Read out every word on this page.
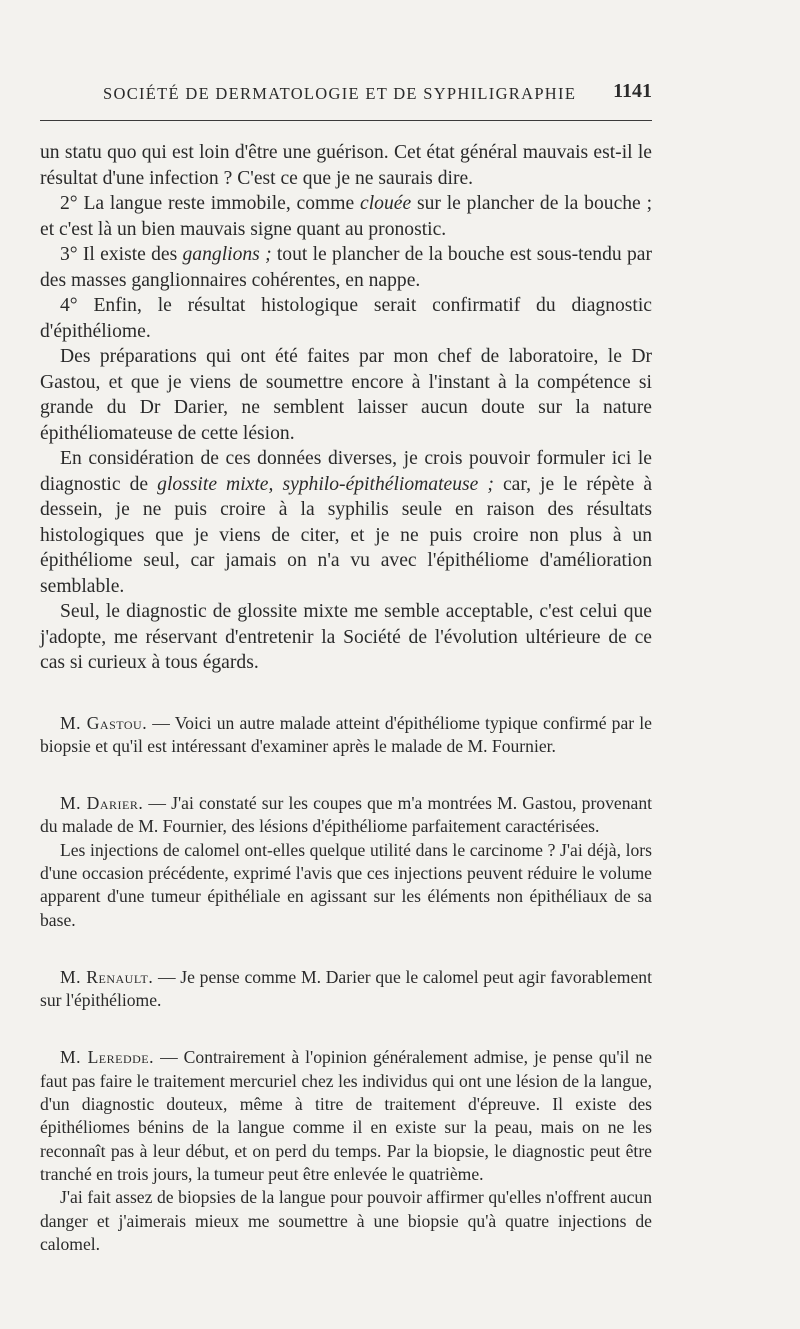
SOCIÉTÉ DE DERMATOLOGIE ET DE SYPHILIGRAPHIE 1141

un statu quo qui est loin d'être une guérison. Cet état général mauvais est-il le résultat d'une infection ? C'est ce que je ne saurais dire.

2° La langue reste immobile, comme clouée sur le plancher de la bouche ; et c'est là un bien mauvais signe quant au pronostic.

3° Il existe des ganglions ; tout le plancher de la bouche est sous-tendu par des masses ganglionnaires cohérentes, en nappe.

4° Enfin, le résultat histologique serait confirmatif du diagnostic d'épithéliome.

Des préparations qui ont été faites par mon chef de laboratoire, le Dr Gastou, et que je viens de soumettre encore à l'instant à la compétence si grande du Dr Darier, ne semblent laisser aucun doute sur la nature épithéliomateuse de cette lésion.

En considération de ces données diverses, je crois pouvoir formuler ici le diagnostic de glossite mixte, syphilo-épithéliomateuse ; car, je le répète à dessein, je ne puis croire à la syphilis seule en raison des résultats histologiques que je viens de citer, et je ne puis croire non plus à un épithéliome seul, car jamais on n'a vu avec l'épithéliome d'amélioration semblable.

Seul, le diagnostic de glossite mixte me semble acceptable, c'est celui que j'adopte, me réservant d'entretenir la Société de l'évolution ultérieure de ce cas si curieux à tous égards.

M. Gastou. — Voici un autre malade atteint d'épithéliome typique confirmé par le biopsie et qu'il est intéressant d'examiner après le malade de M. Fournier.

M. Darier. — J'ai constaté sur les coupes que m'a montrées M. Gastou, provenant du malade de M. Fournier, des lésions d'épithéliome parfaitement caractérisées.

Les injections de calomel ont-elles quelque utilité dans le carcinome ? J'ai déjà, lors d'une occasion précédente, exprimé l'avis que ces injections peuvent réduire le volume apparent d'une tumeur épithéliale en agissant sur les éléments non épithéliaux de sa base.

M. Renault. — Je pense comme M. Darier que le calomel peut agir favorablement sur l'épithéliome.

M. Leredde. — Contrairement à l'opinion généralement admise, je pense qu'il ne faut pas faire le traitement mercuriel chez les individus qui ont une lésion de la langue, d'un diagnostic douteux, même à titre de traitement d'épreuve. Il existe des épithéliomes bénins de la langue comme il en existe sur la peau, mais on ne les reconnaît pas à leur début, et on perd du temps. Par la biopsie, le diagnostic peut être tranché en trois jours, la tumeur peut être enlevée le quatrième.

J'ai fait assez de biopsies de la langue pour pouvoir affirmer qu'elles n'offrent aucun danger et j'aimerais mieux me soumettre à une biopsie qu'à quatre injections de calomel.
